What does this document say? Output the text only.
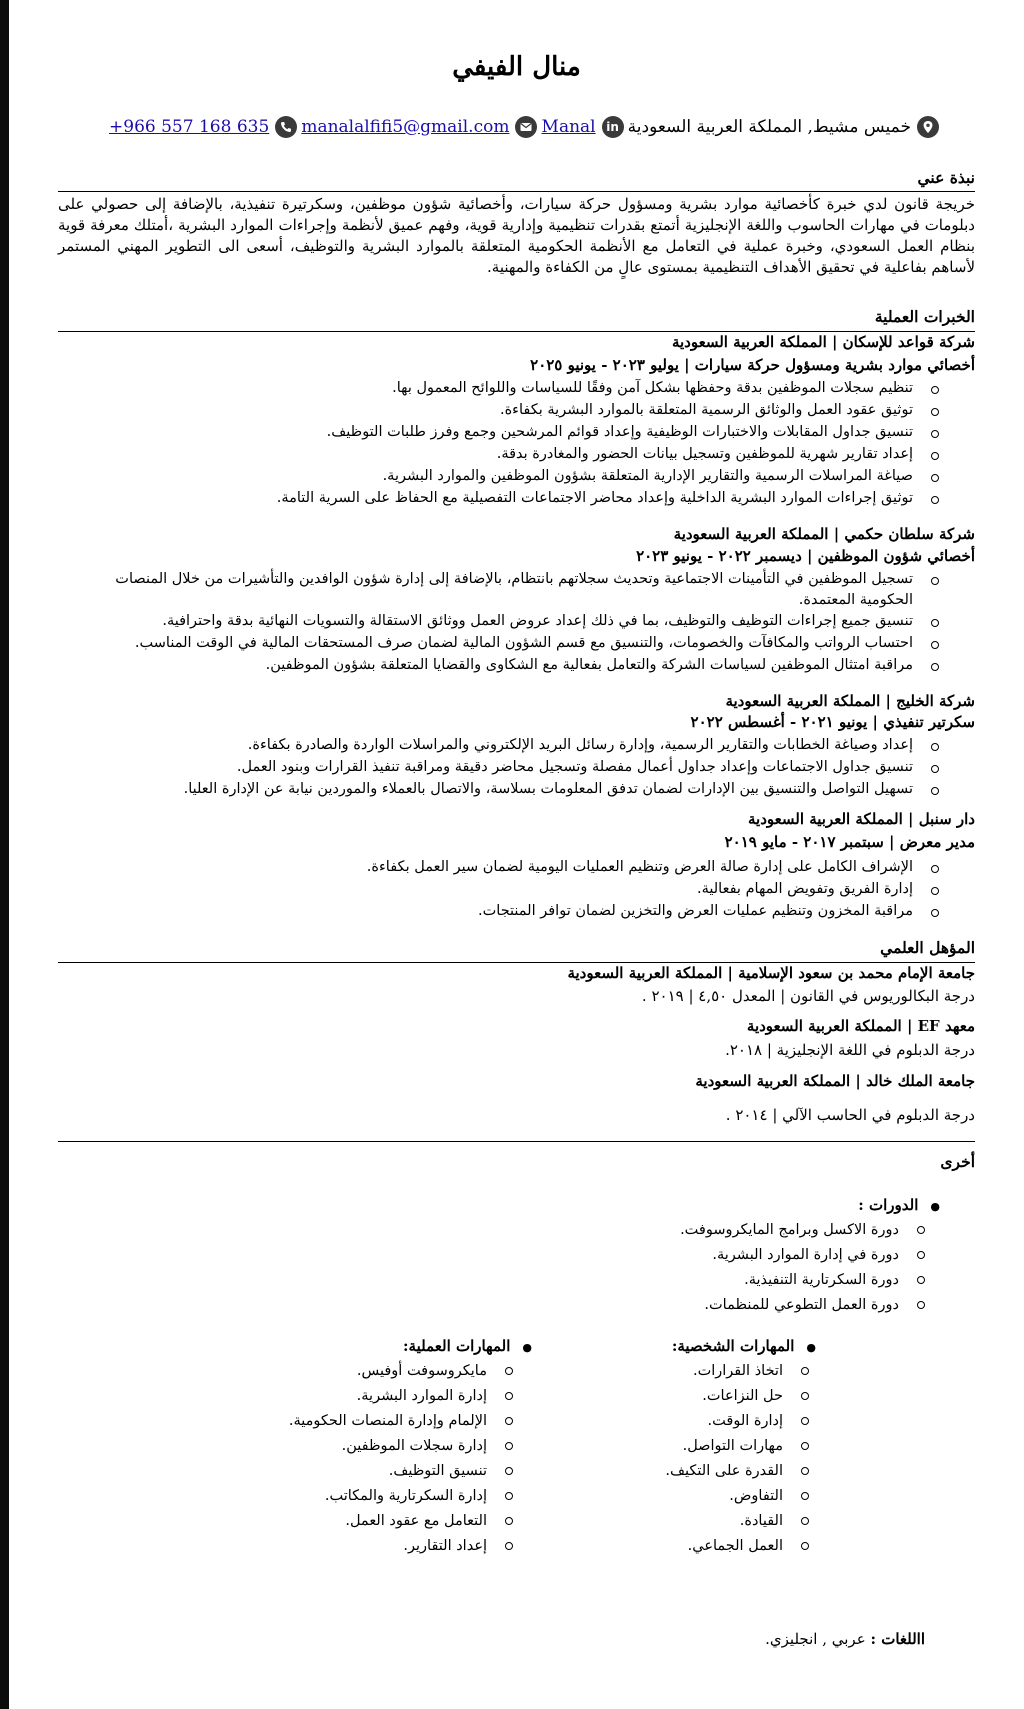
منال الفيفي
خميس مشيط, المملكة العربية السعودية
in
Manal
manalalfifi5@gmail.com
+966 557 168 635
نبذة عني
خريجة قانون لدي خبرة كأخصائية موارد بشرية ومسؤول حركة سيارات، وأخصائية شؤون موظفين، وسكرتيرة تنفيذية، بالإضافة إلى حصولي على دبلومات في مهارات الحاسوب واللغة الإنجليزية أتمتع بقدرات تنظيمية وإدارية قوية، وفهم عميق لأنظمة وإجراءات الموارد البشرية ،أمتلك معرفة قوية بنظام العمل السعودي، وخبرة عملية في التعامل مع الأنظمة الحكومية المتعلقة بالموارد البشرية والتوظيف، أسعى الى التطوير المهني المستمر لأساهم بفاعلية في تحقيق الأهداف التنظيمية بمستوى عالٍ من الكفاءة والمهنية.
الخبرات العملية
شركة قواعد للإسكان | المملكة العربية السعودية
أخصائي موارد بشرية ومسؤول حركة سيارات | يوليو ٢٠٢٣ - يونيو ٢٠٢٥
تنظيم سجلات الموظفين بدقة وحفظها بشكل آمن وفقًا للسياسات واللوائح المعمول بها.
توثيق عقود العمل والوثائق الرسمية المتعلقة بالموارد البشرية بكفاءة.
تنسيق جداول المقابلات والاختبارات الوظيفية وإعداد قوائم المرشحين وجمع وفرز طلبات التوظيف.
إعداد تقارير شهرية للموظفين وتسجيل بيانات الحضور والمغادرة بدقة.
صياغة المراسلات الرسمية والتقارير الإدارية المتعلقة بشؤون الموظفين والموارد البشرية.
توثيق إجراءات الموارد البشرية الداخلية وإعداد محاضر الاجتماعات التفصيلية مع الحفاظ على السرية التامة.
شركة سلطان حكمي | المملكة العربية السعودية
أخصائي شؤون الموظفين | ديسمبر ٢٠٢٢ - يونيو ٢٠٢٣
تسجيل الموظفين في التأمينات الاجتماعية وتحديث سجلاتهم بانتظام، بالإضافة إلى إدارة شؤون الوافدين والتأشيرات من خلال المنصات الحكومية المعتمدة.
تنسيق جميع إجراءات التوظيف والتوظيف، بما في ذلك إعداد عروض العمل ووثائق الاستقالة والتسويات النهائية بدقة واحترافية.
احتساب الرواتب والمكافآت والخصومات، والتنسيق مع قسم الشؤون المالية لضمان صرف المستحقات المالية في الوقت المناسب.
مراقبة امتثال الموظفين لسياسات الشركة والتعامل بفعالية مع الشكاوى والقضايا المتعلقة بشؤون الموظفين.
شركة الخليج | المملكة العربية السعودية
سكرتير تنفيذي | يونيو ٢٠٢١ - أغسطس ٢٠٢٢
إعداد وصياغة الخطابات والتقارير الرسمية، وإدارة رسائل البريد الإلكتروني والمراسلات الواردة والصادرة بكفاءة.
تنسيق جداول الاجتماعات وإعداد جداول أعمال مفصلة وتسجيل محاضر دقيقة ومراقبة تنفيذ القرارات وبنود العمل.
تسهيل التواصل والتنسيق بين الإدارات لضمان تدفق المعلومات بسلاسة، والاتصال بالعملاء والموردين نيابة عن الإدارة العليا.
دار سنبل | المملكة العربية السعودية
مدير معرض | سبتمبر ٢٠١٧ - مايو ٢٠١٩
الإشراف الكامل على إدارة صالة العرض وتنظيم العمليات اليومية لضمان سير العمل بكفاءة.
إدارة الفريق وتفويض المهام بفعالية.
مراقبة المخزون وتنظيم عمليات العرض والتخزين لضمان توافر المنتجات.
المؤهل العلمي
جامعة الإمام محمد بن سعود الإسلامية | المملكة العربية السعودية
درجة البكالوريوس في القانون | المعدل ٤,٥٠ | ٢٠١٩ .
معهد EF | المملكة العربية السعودية
درجة الدبلوم في اللغة الإنجليزية | ٢٠١٨.
جامعة الملك خالد | المملكة العربية السعودية
درجة الدبلوم في الحاسب الآلي | ٢٠١٤ .
أخرى
● الدورات :
دورة الاكسل وبرامج المايكروسوفت.
دورة في إدارة الموارد البشرية.
دورة السكرتارية التنفيذية.
دورة العمل التطوعي للمنظمات.
● المهارات الشخصية:
اتخاذ القرارات.
حل النزاعات.
إدارة الوقت.
مهارات التواصل.
القدرة على التكيف.
التفاوض.
القيادة.
العمل الجماعي.
● المهارات العملية:
مايكروسوفت أوفيس.
إدارة الموارد البشرية.
الإلمام وإدارة المنصات الحكومية.
إدارة سجلات الموظفين.
تنسيق التوظيف.
إدارة السكرتارية والمكاتب.
التعامل مع عقود العمل.
إعداد التقارير.
االلغات : عربي , انجليزي.
